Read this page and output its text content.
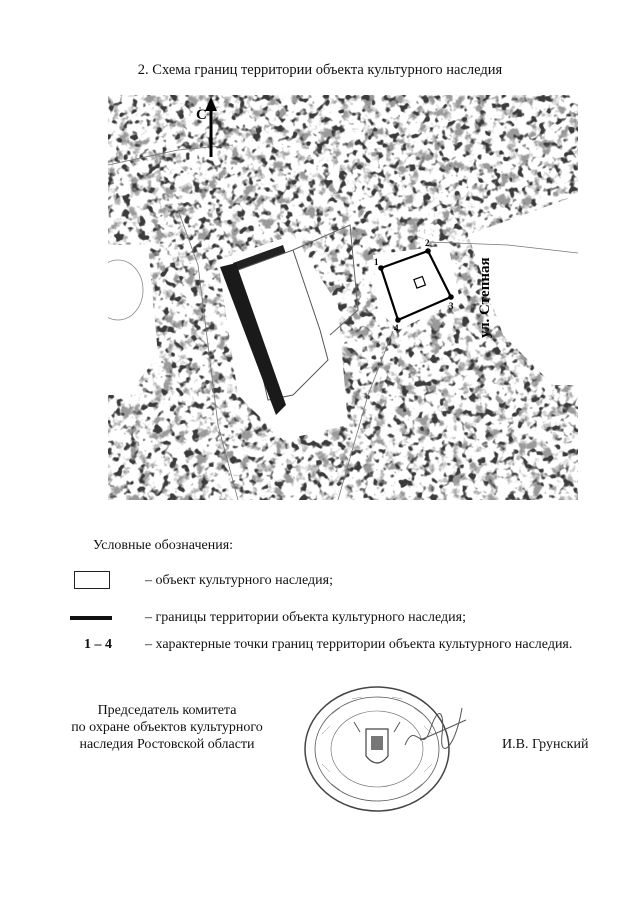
2. Схема границ территории объекта культурного наследия
С
1
2
3
4	ул. Степная
Условные обозначения:
– объект культурного наследия;
– границы территории объекта культурного наследия;
1 – 4 – характерные точки границ территории объекта культурного наследия.
Председатель комитета
по охране объектов культурного
наследия Ростовской области	И.В. Грунский
